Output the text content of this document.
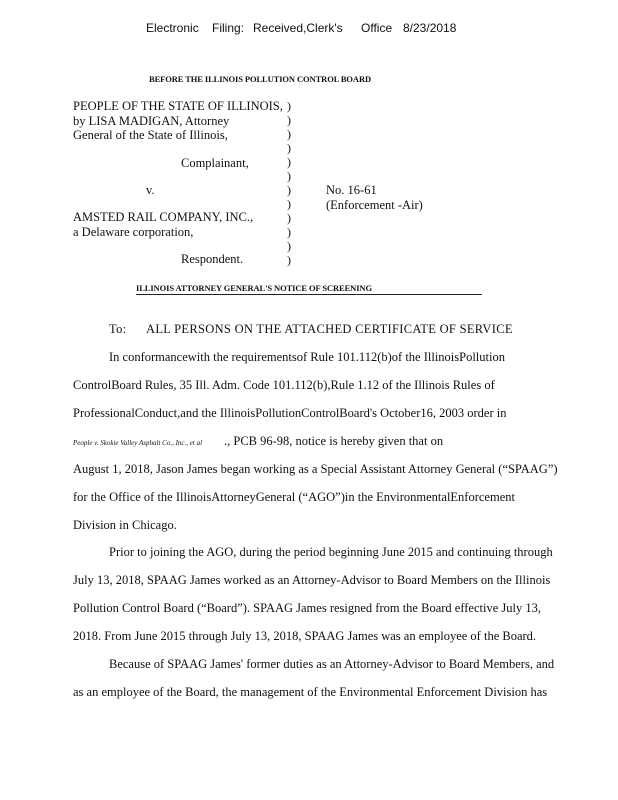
Electronic Filing: Received,Clerk's Office 8/23/2018
BEFORE THE ILLINOIS POLLUTION CONTROL BOARD
PEOPLE OF THE STATE OF ILLINOIS,
by LISA MADIGAN, Attorney
General of the State of Illinois,
Complainant,
v.
AMSTED RAIL COMPANY, INC.,
a Delaware corporation,
Respondent.
)
)
)
)
)
)
)
)
)
)
)
)
No. 16-61
(Enforcement -Air)
ILLINOIS ATTORNEY GENERAL'S NOTICE OF SCREENING
To: ALL PERSONS ON THE ATTACHED CERTIFICATE OF SERVICE
In conformancewith the requirementsof Rule 101.112(b)of the IllinoisPollution
ControlBoard Rules, 35 Ill. Adm. Code 101.112(b),Rule 1.12 of the Illinois Rules of
ProfessionalConduct,and the IllinoisPollutionControlBoard's October16, 2003 order in
People v. Skokie Valley Asphalt Co., Inc., et al ., PCB 96-98, notice is hereby given that on
August 1, 2018, Jason James began working as a Special Assistant Attorney General (“SPAAG”)
for the Office of the IllinoisAttorneyGeneral (“AGO”)in the EnvironmentalEnforcement
Division in Chicago.
Prior to joining the AGO, during the period beginning June 2015 and continuing through
July 13, 2018, SPAAG James worked as an Attorney-Advisor to Board Members on the Illinois
Pollution Control Board (“Board”). SPAAG James resigned from the Board effective July 13,
2018. From June 2015 through July 13, 2018, SPAAG James was an employee of the Board.
Because of SPAAG James' former duties as an Attorney-Advisor to Board Members, and
as an employee of the Board, the management of the Environmental Enforcement Division has
